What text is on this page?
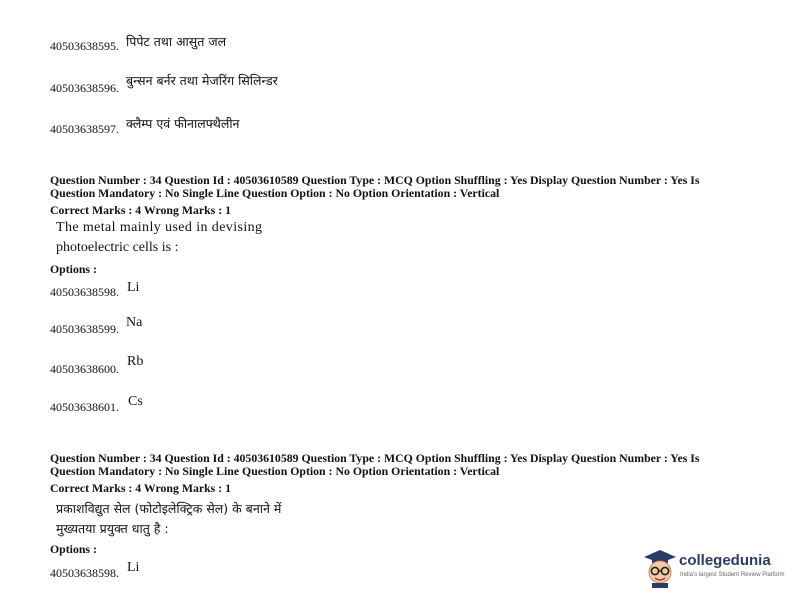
40503638595. पिपेट तथा आसुत जल
40503638596. बुन्सन बर्नर तथा मेजरिंग सिलिन्डर
40503638597. क्लैम्प एवं फीनालफ्थैलीन
Question Number : 34 Question Id : 40503610589 Question Type : MCQ Option Shuffling : Yes Display Question Number : Yes Is
Question Mandatory : No Single Line Question Option : No Option Orientation : Vertical
Correct Marks : 4 Wrong Marks : 1
The metal mainly used in devising
photoelectric cells is :
Options :
40503638598. Li
40503638599. Na
40503638600. Rb
40503638601. Cs
Question Number : 34 Question Id : 40503610589 Question Type : MCQ Option Shuffling : Yes Display Question Number : Yes Is
Question Mandatory : No Single Line Question Option : No Option Orientation : Vertical
Correct Marks : 4 Wrong Marks : 1
प्रकाशविद्युत सेल (फोटोइलेक्ट्रिक सेल) के बनाने में
मुख्यतया प्रयुक्त धातु है :
Options :
40503638598. Li	collegedunia
India's largest Student Review Platform
